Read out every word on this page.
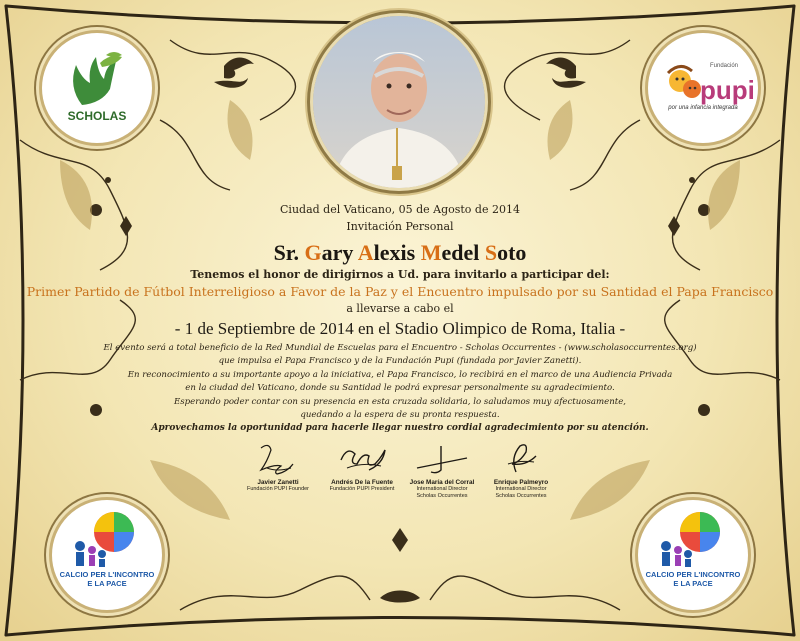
SCHOLAS
Fundación
pupi
por una infancia integrada
CALCIO PER L'INCONTRO
E LA PACE
CALCIO PER L'INCONTRO
E LA PACE
Ciudad del Vaticano, 05 de Agosto de 2014
Invitación Personal
Sr. Gary Alexis Medel Soto
Tenemos el honor de dirigirnos a Ud. para invitarlo a participar del:
Primer Partido de Fútbol Interreligioso a Favor de la Paz y el Encuentro impulsado por su Santidad el Papa Francisco
a llevarse a cabo el
- 1 de Septiembre de 2014 en el Stadio Olimpico de Roma, Italia -
El evento será a total beneficio de la Red Mundial de Escuelas para el Encuentro - Scholas Occurrentes - (www.scholasoccurrentes.org)
que impulsa el Papa Francisco y de la Fundación Pupi (fundada por Javier Zanetti).
En reconocimiento a su importante apoyo a la iniciativa, el Papa Francisco, lo recibirá en el marco de una Audiencia Privada
en la ciudad del Vaticano, donde su Santidad le podrá expresar personalmente su agradecimiento.
Esperando poder contar con su presencia en esta cruzada solidaria, lo saludamos muy afectuosamente,
quedando a la espera de su pronta respuesta.
Aprovechamos la oportunidad para hacerle llegar nuestro cordial agradecimiento por su atención.
Javier Zanetti
Fundación PUPI Founder
Andrés De la Fuente
Fundación PUPI President
Jose María del Corral
International Director
Scholas Occurrentes
Enrique Palmeyro
International Director
Scholas Occurrentes
